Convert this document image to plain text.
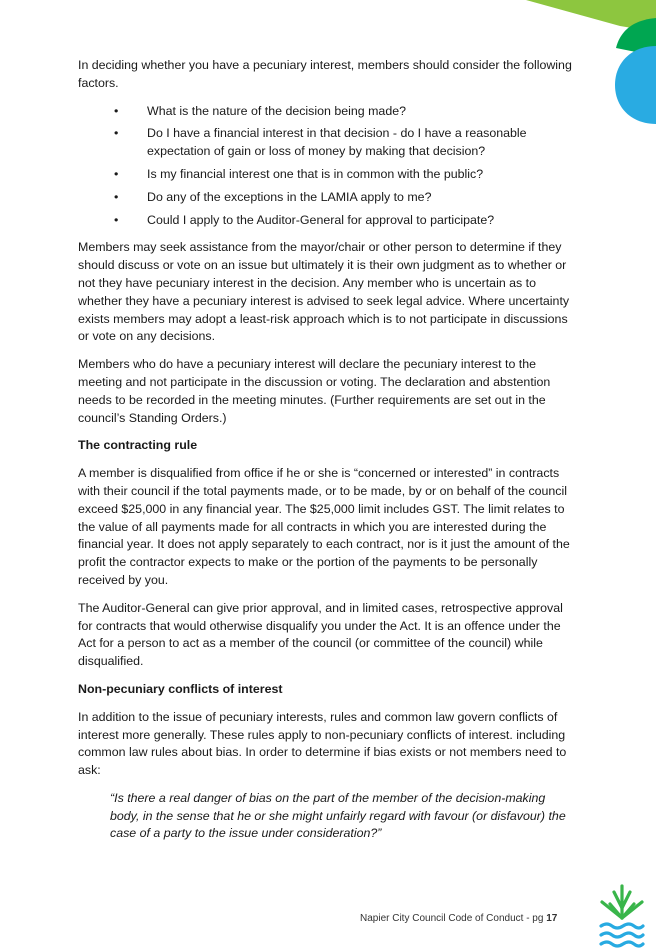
In deciding whether you have a pecuniary interest, members should consider the following factors.

• What is the nature of the decision being made?
• Do I have a financial interest in that decision - do I have a reasonable expectation of gain or loss of money by making that decision?
• Is my financial interest one that is in common with the public?
• Do any of the exceptions in the LAMIA apply to me?
• Could I apply to the Auditor-General for approval to participate?

Members may seek assistance from the mayor/chair or other person to determine if they should discuss or vote on an issue but ultimately it is their own judgment as to whether or not they have pecuniary interest in the decision. Any member who is uncertain as to whether they have a pecuniary interest is advised to seek legal advice. Where uncertainty exists members may adopt a least-risk approach which is to not participate in discussions or vote on any decisions.

Members who do have a pecuniary interest will declare the pecuniary interest to the meeting and not participate in the discussion or voting. The declaration and abstention needs to be recorded in the meeting minutes. (Further requirements are set out in the council’s Standing Orders.)

The contracting rule

A member is disqualified from office if he or she is “concerned or interested” in contracts with their council if the total payments made, or to be made, by or on behalf of the council exceed $25,000 in any financial year. The $25,000 limit includes GST. The limit relates to the value of all payments made for all contracts in which you are interested during the financial year. It does not apply separately to each contract, nor is it just the amount of the profit the contractor expects to make or the portion of the payments to be personally received by you.

The Auditor-General can give prior approval, and in limited cases, retrospective approval for contracts that would otherwise disqualify you under the Act. It is an offence under the Act for a person to act as a member of the council (or committee of the council) while disqualified.

Non-pecuniary conflicts of interest

In addition to the issue of pecuniary interests, rules and common law govern conflicts of interest more generally. These rules apply to non-pecuniary conflicts of interest. including common law rules about bias. In order to determine if bias exists or not members need to ask:

“Is there a real danger of bias on the part of the member of the decision-making body, in the sense that he or she might unfairly regard with favour (or disfavour) the case of a party to the issue under consideration?”

Napier City Council Code of Conduct - pg 17
